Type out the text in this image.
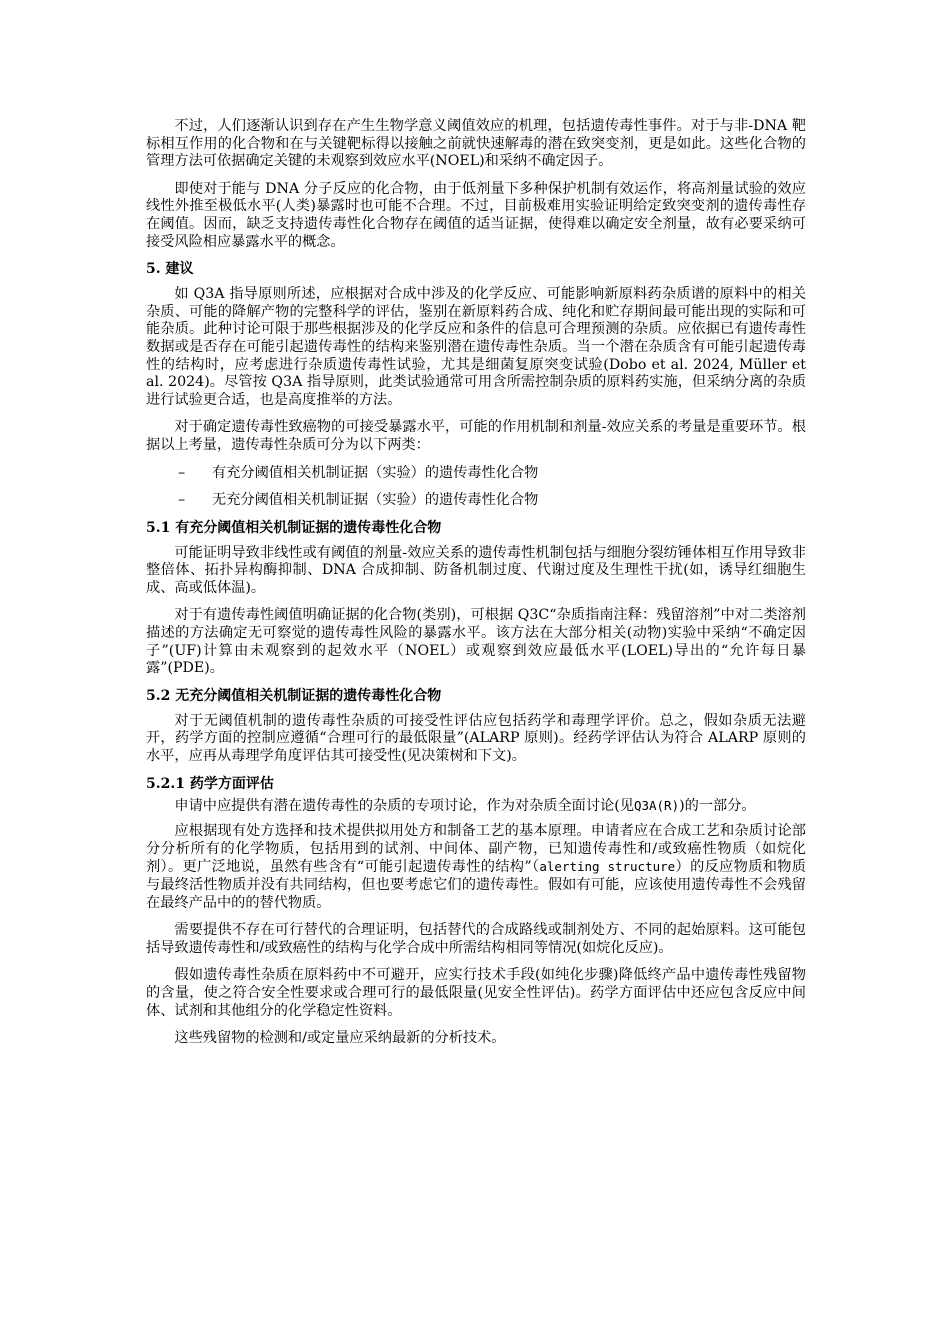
不过，人们逐渐认识到存在产生生物学意义阈值效应的机理，包括遗传毒性事件。对于与非-DNA 靶标相互作用的化合物和在与关键靶标得以接触之前就快速解毒的潜在致突变剂，更是如此。这些化合物的管理方法可依据确定关键的未观察到效应水平(NOEL)和采纳不确定因子。

即使对于能与 DNA 分子反应的化合物，由于低剂量下多种保护机制有效运作，将高剂量试验的效应线性外推至极低水平(人类)暴露时也可能不合理。不过，目前极难用实验证明给定致突变剂的遗传毒性存在阈值。因而，缺乏支持遗传毒性化合物存在阈值的适当证据，使得难以确定安全剂量，故有必要采纳可接受风险相应暴露水平的概念。

5. 建议

如 Q3A 指导原则所述，应根据对合成中涉及的化学反应、可能影响新原料药杂质谱的原料中的相关杂质、可能的降解产物的完整科学的评估，鉴别在新原料药合成、纯化和贮存期间最可能出现的实际和可能杂质。此种讨论可限于那些根据涉及的化学反应和条件的信息可合理预测的杂质。应依据已有遗传毒性数据或是否存在可能引起遗传毒性的结构来鉴别潜在遗传毒性杂质。当一个潜在杂质含有可能引起遗传毒性的结构时，应考虑进行杂质遗传毒性试验，尤其是细菌复原突变试验(Dobo et al. 2024, Müller et al. 2024)。尽管按 Q3A 指导原则，此类试验通常可用含所需控制杂质的原料药实施，但采纳分离的杂质进行试验更合适，也是高度推举的方法。

对于确定遗传毒性致癌物的可接受暴露水平，可能的作用机制和剂量-效应关系的考量是重要环节。根据以上考量，遗传毒性杂质可分为以下两类：

–	有充分阈值相关机制证据（实验）的遗传毒性化合物
–	无充分阈值相关机制证据（实验）的遗传毒性化合物
5.1 有充分阈值相关机制证据的遗传毒性化合物

可能证明导致非线性或有阈值的剂量-效应关系的遗传毒性机制包括与细胞分裂纺锤体相互作用导致非整倍体、拓扑异构酶抑制、DNA 合成抑制、防备机制过度、代谢过度及生理性干扰(如，诱导红细胞生成、高或低体温)。

对于有遗传毒性阈值明确证据的化合物(类别)，可根据 Q3C“杂质指南注释：残留溶剂”中对二类溶剂描述的方法确定无可察觉的遗传毒性风险的暴露水平。该方法在大部分相关(动物)实验中采纳“不确定因子”(UF)计算由未观察到的起效水平（NOEL）或观察到效应最低水平(LOEL)导出的“允许每日暴露”(PDE)。

5.2 无充分阈值相关机制证据的遗传毒性化合物

对于无阈值机制的遗传毒性杂质的可接受性评估应包括药学和毒理学评价。总之，假如杂质无法避开，药学方面的控制应遵循“合理可行的最低限量”(ALARP 原则)。经药学评估认为符合 ALARP 原则的水平，应再从毒理学角度评估其可接受性(见决策树和下文)。

5.2.1 药学方面评估

申请中应提供有潜在遗传毒性的杂质的专项讨论，作为对杂质全面讨论(见Q3A(R))的一部分。

应根据现有处方选择和技术提供拟用处方和制备工艺的基本原理。申请者应在合成工艺和杂质讨论部分分析所有的化学物质，包括用到的试剂、中间体、副产物，已知遗传毒性和/或致癌性物质（如烷化剂）。更广泛地说，虽然有些含有“可能引起遗传毒性的结构”（alerting structure）的反应物质和物质与最终活性物质并没有共同结构，但也要考虑它们的遗传毒性。假如有可能，应该使用遗传毒性不会残留在最终产品中的的替代物质。

需要提供不存在可行替代的合理证明，包括替代的合成路线或制剂处方、不同的起始原料。这可能包括导致遗传毒性和/或致癌性的结构与化学合成中所需结构相同等情况(如烷化反应)。

假如遗传毒性杂质在原料药中不可避开，应实行技术手段(如纯化步骤)降低终产品中遗传毒性残留物的含量，使之符合安全性要求或合理可行的最低限量(见安全性评估)。药学方面评估中还应包含反应中间体、试剂和其他组分的化学稳定性资料。

这些残留物的检测和/或定量应采纳最新的分析技术。
